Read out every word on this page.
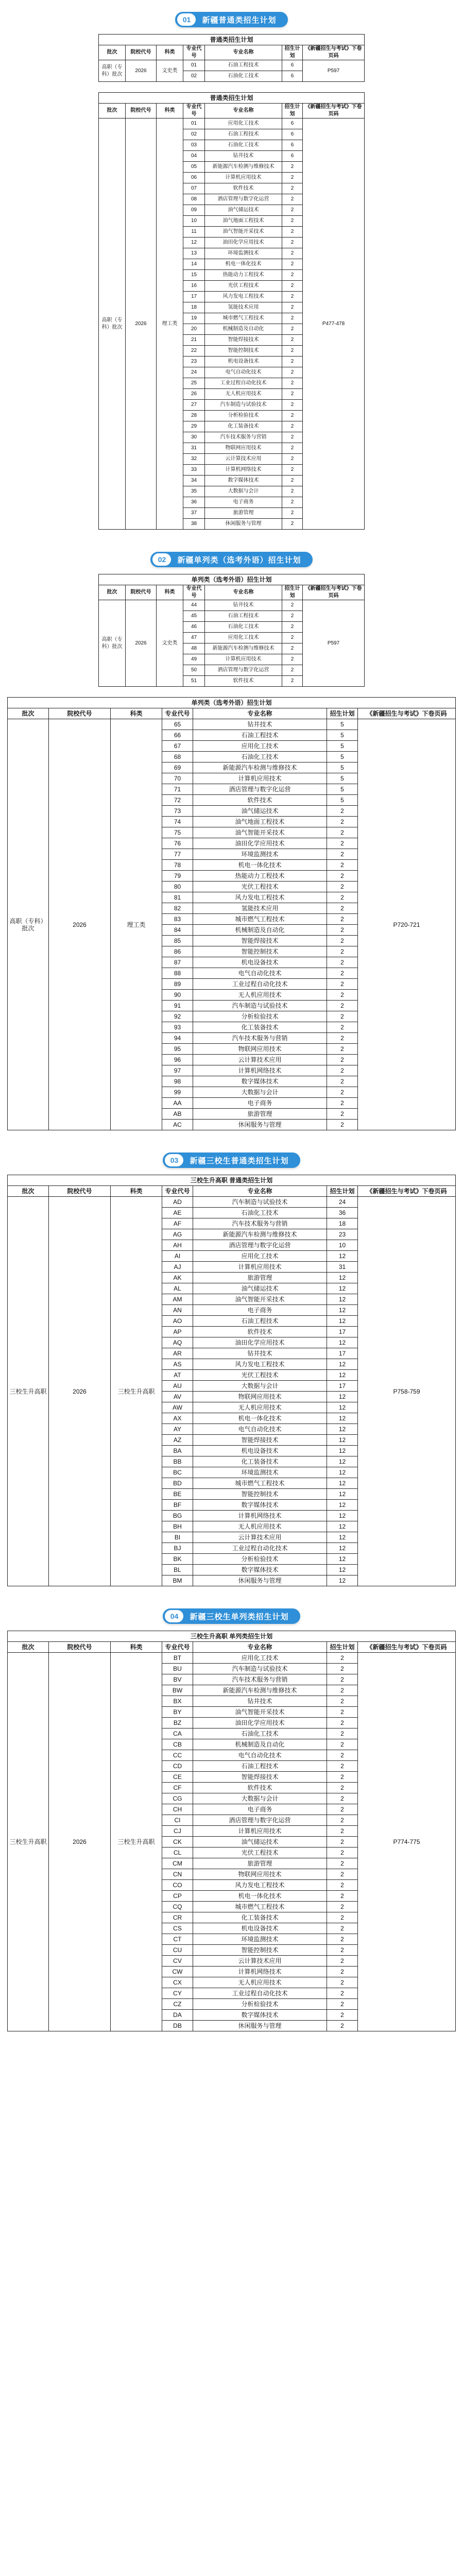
01	新疆普通类招生计划
普通类招生计划						
批次	院校代号	科类	专业代号	专业名称	招生计划	《新疆招生与考试》下卷页码
高职（专科）批次	2026	文史类	01	石油工程技术	6	P597
			02	石油化工技术	6	
普通类招生计划						
批次	院校代号	科类	专业代号	专业名称	招生计划	《新疆招生与考试》下卷页码
高职（专科）批次	2026	理工类	01	应用化工技术	6	P477-478
			02	石油工程技术	6	
			03	石油化工技术	6	
			04	钻井技术	6	
			05	新能源汽车检测与维修技术	2	
			06	计算机应用技术	2	
			07	软件技术	2	
			08	酒店管理与数字化运营	2	
			09	油气储运技术	2	
			10	油气地面工程技术	2	
			11	油气智能开采技术	2	
			12	油田化学应用技术	2	
			13	环境监测技术	2	
			14	机电一体化技术	2	
			15	热能动力工程技术	2	
			16	光伏工程技术	2	
			17	风力发电工程技术	2	
			18	氢能技术应用	2	
			19	城市燃气工程技术	2	
			20	机械制造及自动化	2	
			21	智能焊接技术	2	
			22	智能控制技术	2	
			23	机电设备技术	2	
			24	电气自动化技术	2	
			25	工业过程自动化技术	2	
			26	无人机应用技术	2	
			27	汽车制造与试验技术	2	
			28	分析检验技术	2	
			29	化工装备技术	2	
			30	汽车技术服务与营销	2	
			31	物联网应用技术	2	
			32	云计算技术应用	2	
			33	计算机网络技术	2	
			34	数字媒体技术	2	
			35	大数据与会计	2	
			36	电子商务	2	
			37	旅游管理	2	
			38	休闲服务与管理	2	
02	新疆单列类（选考外语）招生计划
单列类（选考外语）招生计划						
批次	院校代号	科类	专业代号	专业名称	招生计划	《新疆招生与考试》下卷页码
高职（专科）批次	2026	文史类	44	钻井技术	2	P597
			45	石油工程技术	2	
			46	石油化工技术	2	
			47	应用化工技术	2	
			48	新能源汽车检测与维修技术	2	
			49	计算机应用技术	2	
			50	酒店管理与数字化运营	2	
			51	软件技术	2	
单列类（选考外语）招生计划						
批次	院校代号	科类	专业代号	专业名称	招生计划	《新疆招生与考试》下卷页码
高职（专科）批次	2026	理工类	65	钻井技术	5	P720-721
			66	石油工程技术	5	
			67	应用化工技术	5	
			68	石油化工技术	5	
			69	新能源汽车检测与维修技术	5	
			70	计算机应用技术	5	
			71	酒店管理与数字化运营	5	
			72	软件技术	5	
			73	油气储运技术	2	
			74	油气地面工程技术	2	
			75	油气智能开采技术	2	
			76	油田化学应用技术	2	
			77	环境监测技术	2	
			78	机电一体化技术	2	
			79	热能动力工程技术	2	
			80	光伏工程技术	2	
			81	风力发电工程技术	2	
			82	氢能技术应用	2	
			83	城市燃气工程技术	2	
			84	机械制造及自动化	2	
			85	智能焊接技术	2	
			86	智能控制技术	2	
			87	机电设备技术	2	
			88	电气自动化技术	2	
			89	工业过程自动化技术	2	
			90	无人机应用技术	2	
			91	汽车制造与试验技术	2	
			92	分析检验技术	2	
			93	化工装备技术	2	
			94	汽车技术服务与营销	2	
			95	物联网应用技术	2	
			96	云计算技术应用	2	
			97	计算机网络技术	2	
			98	数字媒体技术	2	
			99	大数据与会计	2	
			AA	电子商务	2	
			AB	旅游管理	2	
			AC	休闲服务与管理	2	
03	新疆三校生普通类招生计划
三校生升高职 普通类招生计划						
批次	院校代号	科类	专业代号	专业名称	招生计划	《新疆招生与考试》下卷页码
三校生升高职	2026	三校生升高职	AD	汽车制造与试验技术	24	P758-759
			AE	石油化工技术	36	
			AF	汽车技术服务与营销	18	
			AG	新能源汽车检测与维修技术	23	
			AH	酒店管理与数字化运营	10	
			AI	应用化工技术	12	
			AJ	计算机应用技术	31	
			AK	旅游管理	12	
			AL	油气储运技术	12	
			AM	油气智能开采技术	12	
			AN	电子商务	12	
			AO	石油工程技术	12	
			AP	软件技术	17	
			AQ	油田化学应用技术	12	
			AR	钻井技术	17	
			AS	风力发电工程技术	12	
			AT	光伏工程技术	12	
			AU	大数据与会计	17	
			AV	物联网应用技术	12	
			AW	无人机应用技术	12	
			AX	机电一体化技术	12	
			AY	电气自动化技术	12	
			AZ	智能焊接技术	12	
			BA	机电设备技术	12	
			BB	化工装备技术	12	
			BC	环境监测技术	12	
			BD	城市燃气工程技术	12	
			BE	智能控制技术	12	
			BF	数字媒体技术	12	
			BG	计算机网络技术	12	
			BH	无人机应用技术	12	
			BI	云计算技术应用	12	
			BJ	工业过程自动化技术	12	
			BK	分析检验技术	12	
			BL	数字媒体技术	12	
			BM	休闲服务与管理	12	
04	新疆三校生单列类招生计划
三校生升高职 单列类招生计划						
批次	院校代号	科类	专业代号	专业名称	招生计划	《新疆招生与考试》下卷页码
三校生升高职	2026	三校生升高职	BT	应用化工技术	2	P774-775
			BU	汽车制造与试验技术	2	
			BV	汽车技术服务与营销	2	
			BW	新能源汽车检测与维修技术	2	
			BX	钻井技术	2	
			BY	油气智能开采技术	2	
			BZ	油田化学应用技术	2	
			CA	石油化工技术	2	
			CB	机械制造及自动化	2	
			CC	电气自动化技术	2	
			CD	石油工程技术	2	
			CE	智能焊接技术	2	
			CF	软件技术	2	
			CG	大数据与会计	2	
			CH	电子商务	2	
			CI	酒店管理与数字化运营	2	
			CJ	计算机应用技术	2	
			CK	油气储运技术	2	
			CL	光伏工程技术	2	
			CM	旅游管理	2	
			CN	物联网应用技术	2	
			CO	风力发电工程技术	2	
			CP	机电一体化技术	2	
			CQ	城市燃气工程技术	2	
			CR	化工装备技术	2	
			CS	机电设备技术	2	
			CT	环境监测技术	2	
			CU	智能控制技术	2	
			CV	云计算技术应用	2	
			CW	计算机网络技术	2	
			CX	无人机应用技术	2	
			CY	工业过程自动化技术	2	
			CZ	分析检验技术	2	
			DA	数字媒体技术	2	
			DB	休闲服务与管理	2	
